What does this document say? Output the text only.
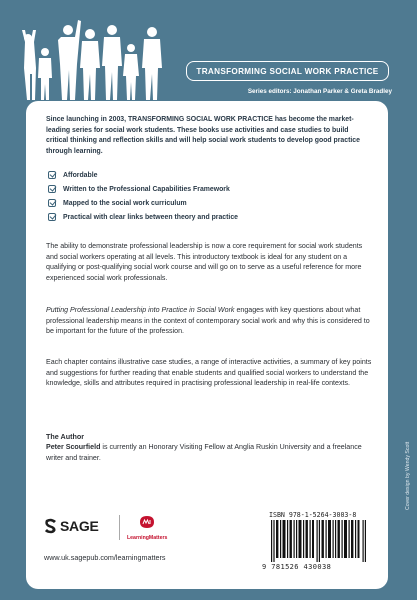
TRANSFORMING SOCIAL WORK PRACTICE
Series editors: Jonathan Parker & Greta Bradley
Since launching in 2003, TRANSFORMING SOCIAL WORK PRACTICE has become the market-leading series for social work students. These books use activities and case studies to build critical thinking and reflection skills and will help social work students to develop good practice through learning.
Affordable
Written to the Professional Capabilities Framework
Mapped to the social work curriculum
Practical with clear links between theory and practice

The ability to demonstrate professional leadership is now a core requirement for social work students and social workers operating at all levels. This introductory textbook is ideal for any student on a qualifying or post-qualifying social work course and will go on to serve as a useful reference for more experienced social work professionals.

Putting Professional Leadership into Practice in Social Work engages with key questions about what professional leadership means in the context of contemporary social work and why this is considered to be important for the future of the profession.

Each chapter contains illustrative case studies, a range of interactive activities, a summary of key points and suggestions for further reading that enable students and qualified social workers to understand the knowledge, skills and attributes required in practising professional leadership in real-life contexts.

The Author
Peter Scourfield is currently an Honorary Visiting Fellow at Anglia Ruskin University and a freelance writer and trainer.
SAGE
LearningMatters
www.uk.sagepub.com/learningmatters
ISBN 978-1-5264-3003-8
9 781526 430038
Cover design by Wendy Scott
